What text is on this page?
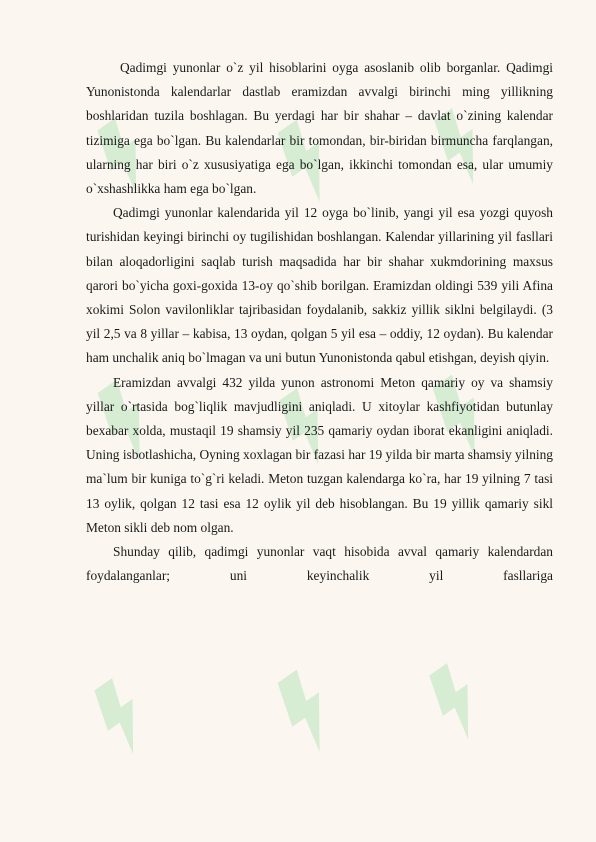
Qadimgi yunonlar o`z yil hisoblarini oyga asoslanib olib borganlar. Qadimgi Yunonistonda kalendarlar dastlab eramizdan avvalgi birinchi ming yillikning boshlaridan tuzila boshlagan. Bu yerdagi har bir shahar – davlat o`zining kalendar tizimiga ega bo`lgan. Bu kalendarlar bir tomondan, bir-biridan birmuncha farqlangan, ularning har biri o`z xususiyatiga ega bo`lgan, ikkinchi tomondan esa, ular umumiy o`xshashlikka ham ega bo`lgan.

Qadimgi yunonlar kalendarida yil 12 oyga bo`linib, yangi yil esa yozgi quyosh turishidan keyingi birinchi oy tugilishidan boshlangan. Kalendar yillarining yil fasllari bilan aloqadorligini saqlab turish maqsadida har bir shahar xukmdorining maxsus qarori bo`yicha goxi-goxida 13-oy qo`shib borilgan. Eramizdan oldingi 539 yili Afina xokimi Solon vavilonliklar tajribasidan foydalanib, sakkiz yillik siklni belgilaydi. (3 yil 2,5 va 8 yillar – kabisa, 13 oydan, qolgan 5 yil esa – oddiy, 12 oydan). Bu kalendar ham unchalik aniq bo`lmagan va uni butun Yunonistonda qabul etishgan, deyish qiyin.

Eramizdan avvalgi 432 yilda yunon astronomi Meton qamariy oy va shamsiy yillar o`rtasida bog`liqlik mavjudligini aniqladi. U xitoylar kashfiyotidan butunlay bexabar xolda, mustaqil 19 shamsiy yil 235 qamariy oydan iborat ekanligini aniqladi. Uning isbotlashicha, Oyning xoxlagan bir fazasi har 19 yilda bir marta shamsiy yilning ma`lum bir kuniga to`g`ri keladi. Meton tuzgan kalendarga ko`ra, har 19 yilning 7 tasi 13 oylik, qolgan 12 tasi esa 12 oylik yil deb hisoblangan. Bu 19 yillik qamariy sikl Meton sikli deb nom olgan.

Shunday qilib, qadimgi yunonlar vaqt hisobida avval qamariy kalendardan foydalanganlar; uni keyinchalik yil fasllariga
